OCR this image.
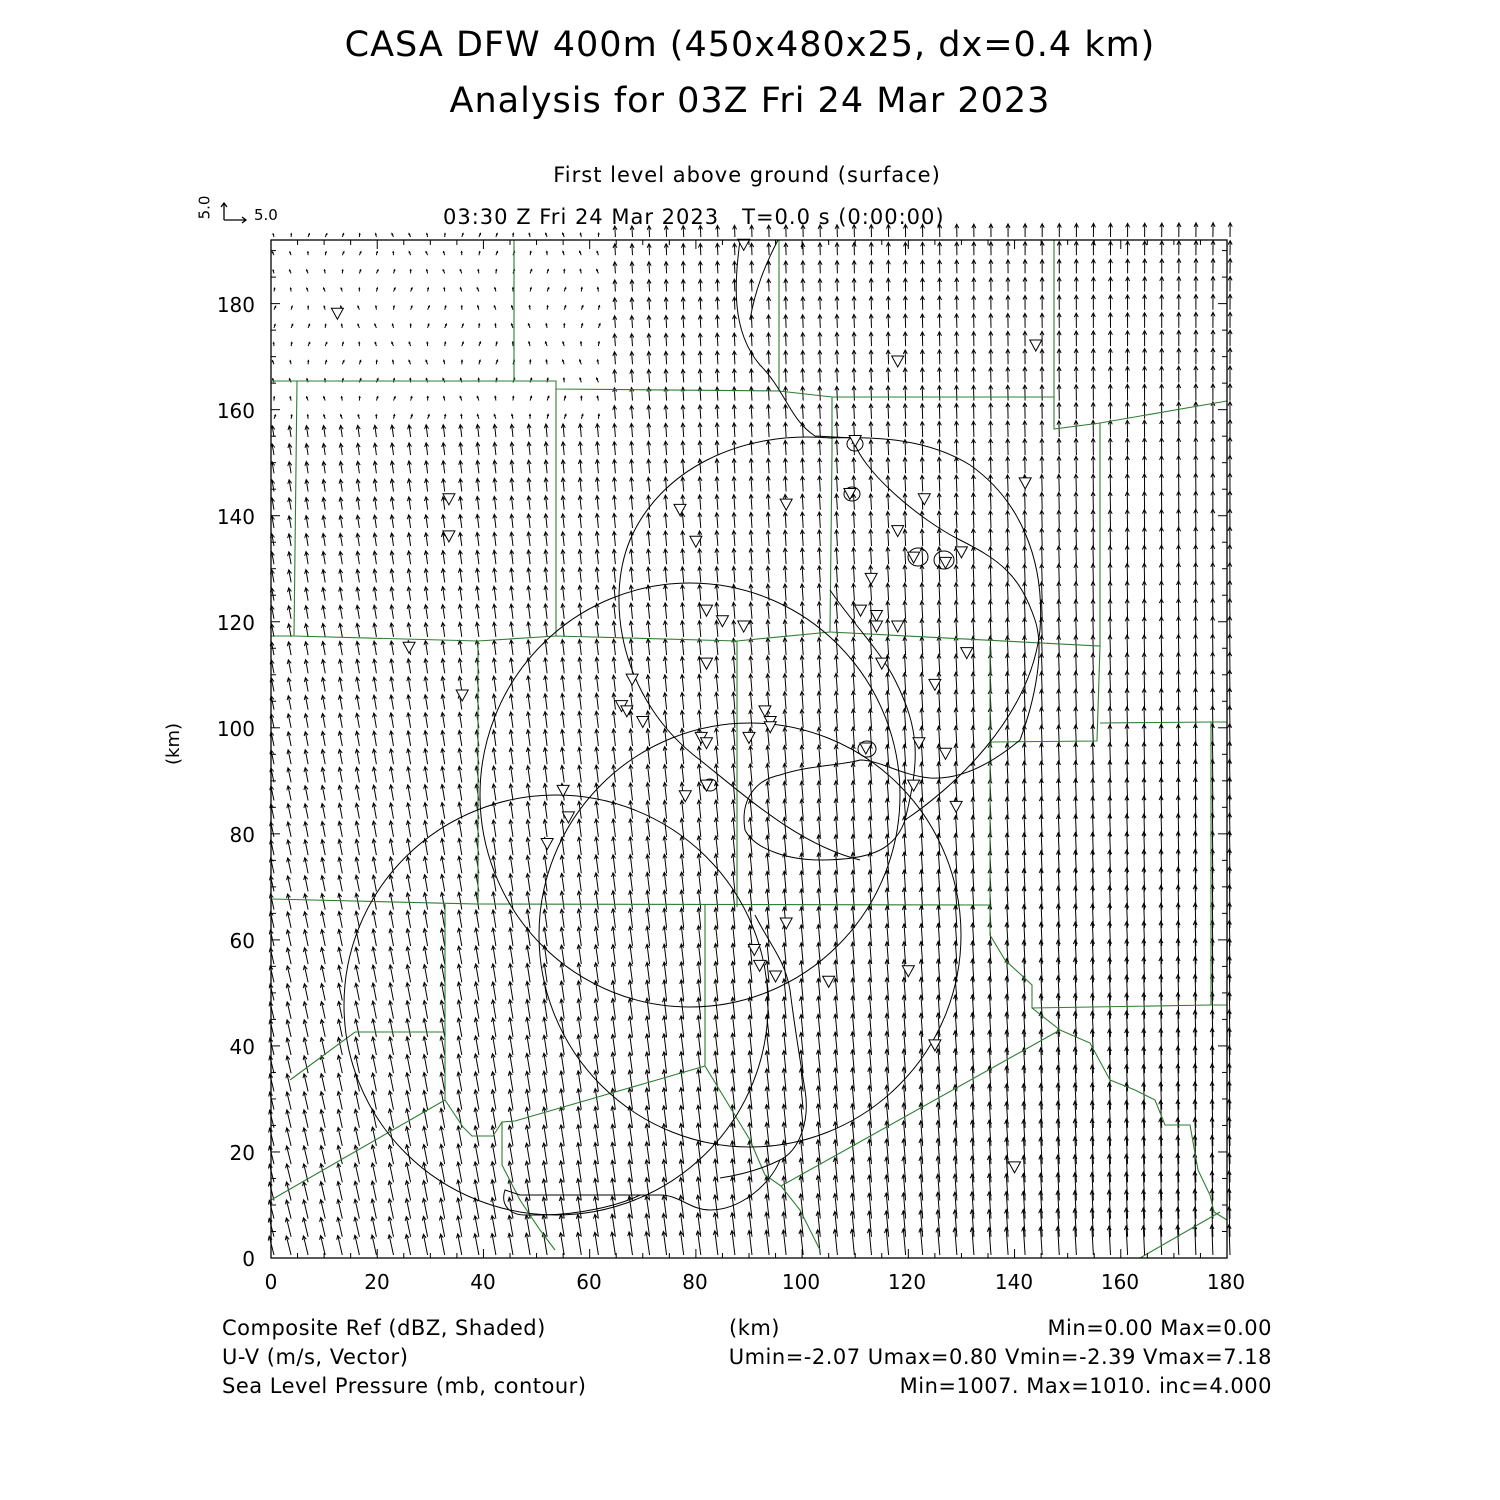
CASA DFW 400m (450x480x25, dx=0.4 km)
Analysis for 03Z Fri 24 Mar 2023
First level above ground (surface)
03:30 Z Fri 24 Mar 2023   T=0.0 s (0:00:00)
5.0	5.0
(km)
0	20	40	60	80	100	120	140	160	180
0
20
40
60
80
100
120
140
160
180
(km)
Composite Ref (dBZ, Shaded)	Min=0.00 Max=0.00
U-V (m/s, Vector)	Umin=-2.07 Umax=0.80 Vmin=-2.39 Vmax=7.18
Sea Level Pressure (mb, contour)	Min=1007. Max=1010. inc=4.000
